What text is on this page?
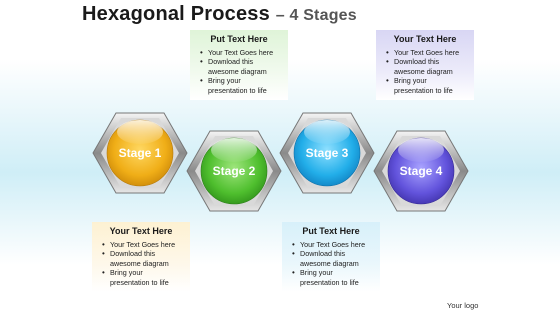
Hexagonal Process – 4 Stages
Stage 1
Stage 2
Stage 3
Stage 4
Put Text Here
• Your Text Goes here
• Download this awesome diagram
• Bring your presentation to life
Your Text Here
• Your Text Goes here
• Download this awesome diagram
• Bring your presentation to life
Your Text Here
• Your Text Goes here
• Download this awesome diagram
• Bring your presentation to life
Put Text Here
• Your Text Goes here
• Download this awesome diagram
• Bring your presentation to life
Your logo
